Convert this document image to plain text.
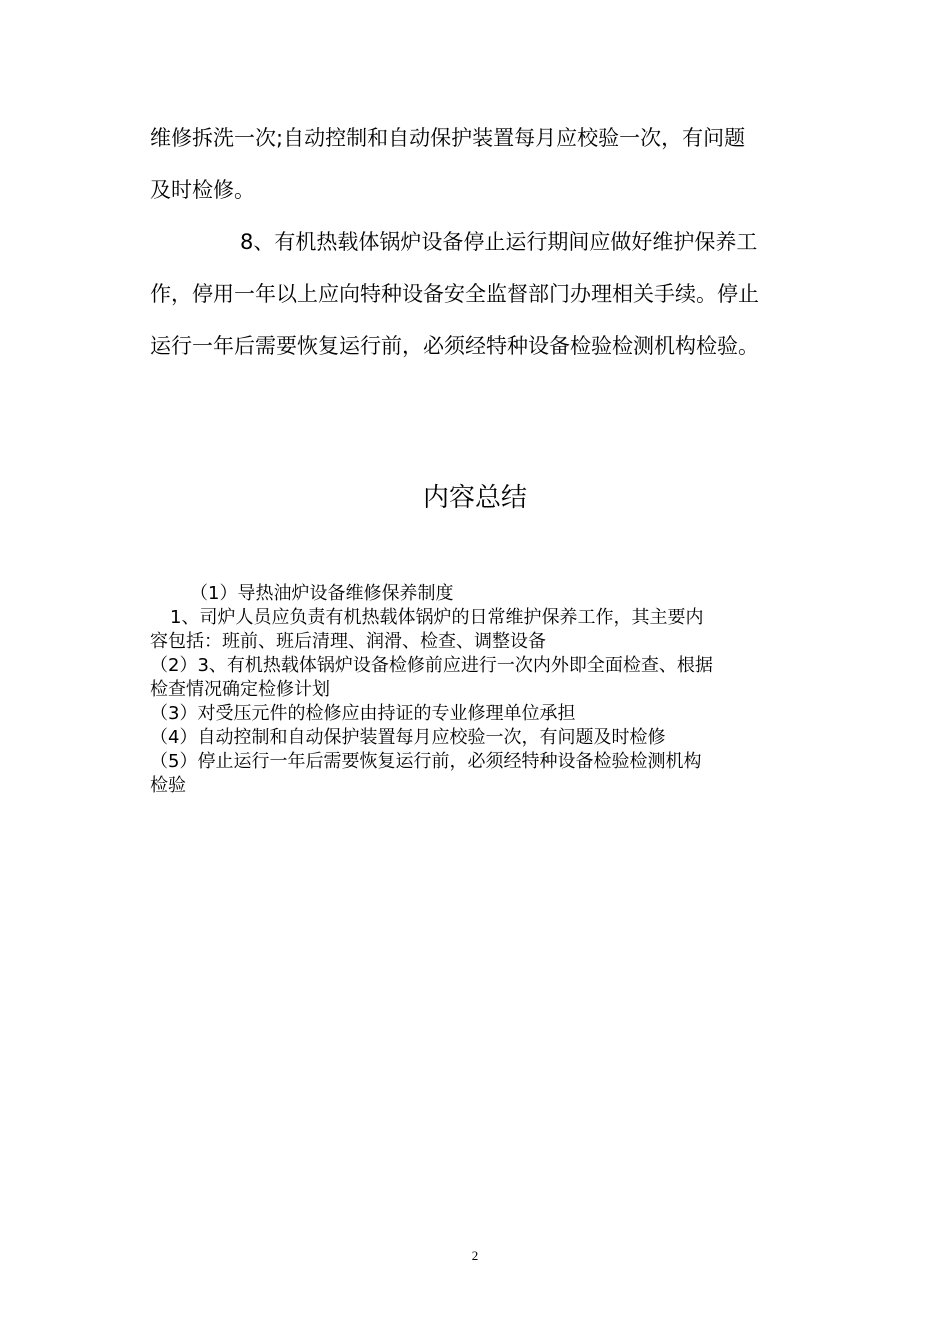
维修拆洗一次;自动控制和自动保护装置每月应校验一次，有问题
及时检修。
8、有机热载体锅炉设备停止运行期间应做好维护保养工
作，停用一年以上应向特种设备安全监督部门办理相关手续。停止
运行一年后需要恢复运行前，必须经特种设备检验检测机构检验。
内容总结
（1）导热油炉设备维修保养制度
1、司炉人员应负责有机热载体锅炉的日常维护保养工作，其主要内
容包括：班前、班后清理、润滑、检查、调整设备
（2）3、有机热载体锅炉设备检修前应进行一次内外即全面检查、根据
检查情况确定检修计划
（3）对受压元件的检修应由持证的专业修理单位承担
（4）自动控制和自动保护装置每月应校验一次，有问题及时检修
（5）停止运行一年后需要恢复运行前，必须经特种设备检验检测机构
检验
2
